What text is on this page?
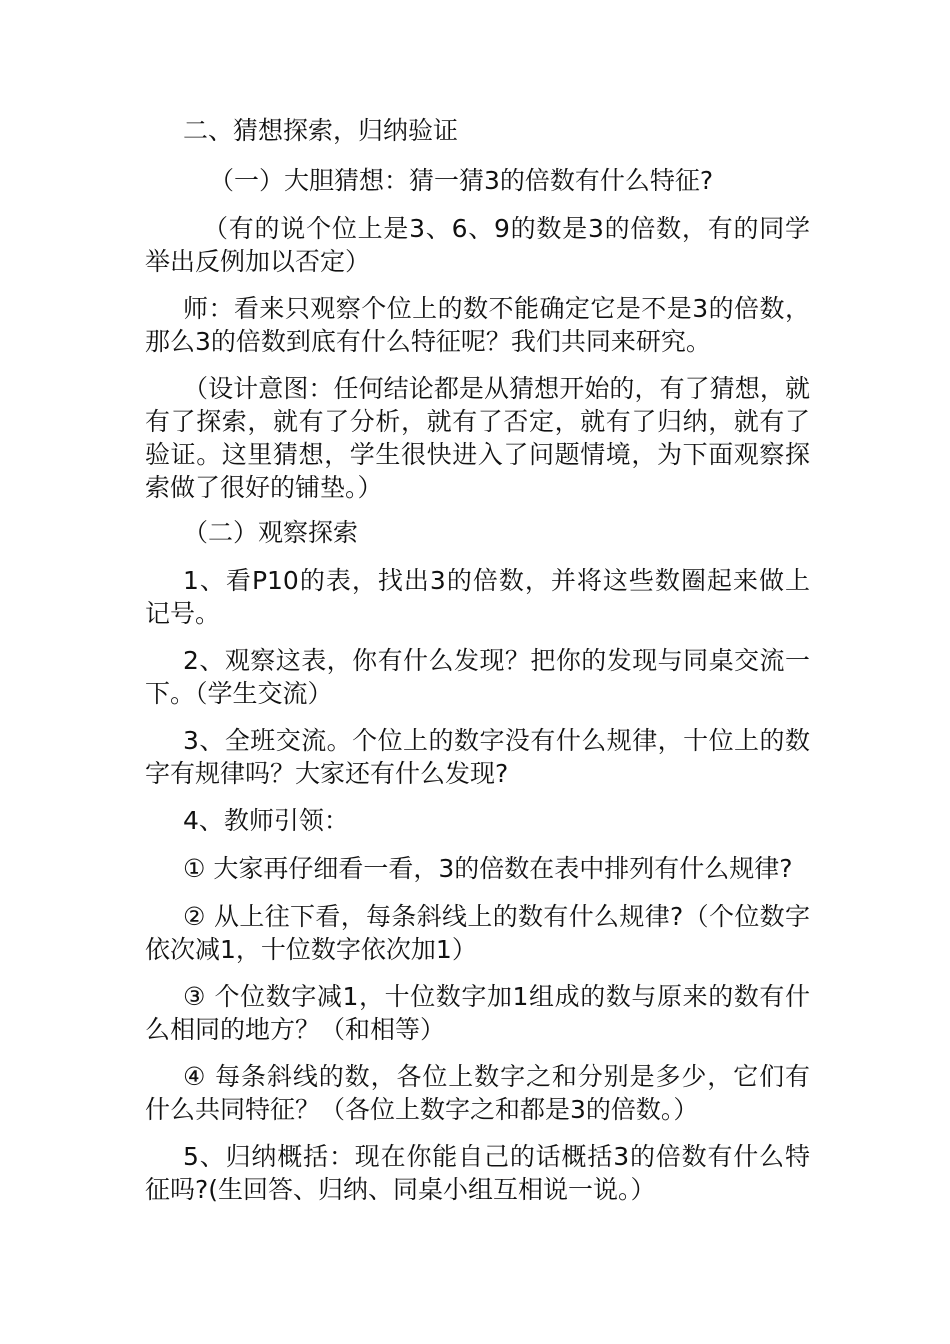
二、猜想探索，归纳验证

（一）大胆猜想：猜一猜3的倍数有什么特征?

（有的说个位上是3、6、9的数是3的倍数，有的同学举出反例加以否定）

师：看来只观察个位上的数不能确定它是不是3的倍数，那么3的倍数到底有什么特征呢？我们共同来研究。

（设计意图：任何结论都是从猜想开始的，有了猜想，就有了探索，就有了分析，就有了否定，就有了归纳，就有了验证。这里猜想，学生很快进入了问题情境，为下面观察探索做了很好的铺垫。）

（二）观察探索

1、看P10的表，找出3的倍数，并将这些数圈起来做上记号。

2、观察这表，你有什么发现？把你的发现与同桌交流一下。（学生交流）

3、全班交流。个位上的数字没有什么规律，十位上的数字有规律吗？大家还有什么发现?

4、教师引领：

① 大家再仔细看一看，3的倍数在表中排列有什么规律?

② 从上往下看，每条斜线上的数有什么规律?（个位数字依次减1，十位数字依次加1）

③ 个位数字减1，十位数字加1组成的数与原来的数有什么相同的地方？（和相等）

④ 每条斜线的数，各位上数字之和分别是多少，它们有什么共同特征？（各位上数字之和都是3的倍数。）

5、归纳概括：现在你能自己的话概括3的倍数有什么特征吗?(生回答、归纳、同桌小组互相说一说。）
